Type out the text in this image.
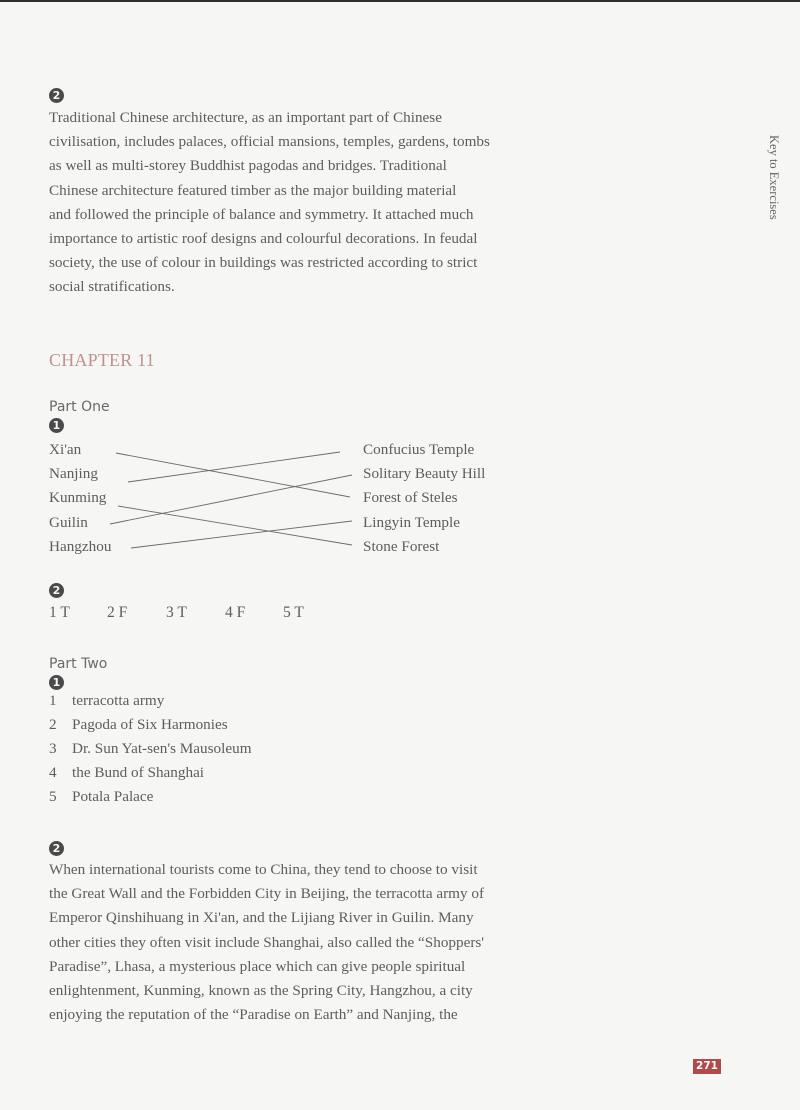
Key to Exercises
2
Traditional Chinese architecture, as an important part of Chinese
civilisation, includes palaces, official mansions, temples, gardens, tombs
as well as multi-storey Buddhist pagodas and bridges. Traditional
Chinese architecture featured timber as the major building material
and followed the principle of balance and symmetry. It attached much
importance to artistic roof designs and colourful decorations. In feudal
society, the use of colour in buildings was restricted according to strict
social stratifications.
CHAPTER 11
Part One
1
Xi'an
Nanjing
Kunming
Guilin
Hangzhou
Confucius Temple
Solitary Beauty Hill
Forest of Steles
Lingyin Temple
Stone Forest
2
1 T 2 F	3 T 4 F 5 T
Part Two
1
1 terracotta army
2 Pagoda of Six Harmonies
3 Dr. Sun Yat-sen's Mausoleum
4 the Bund of Shanghai
5 Potala Palace
2
When international tourists come to China, they tend to choose to visit
the Great Wall and the Forbidden City in Beijing, the terracotta army of
Emperor Qinshihuang in Xi'an, and the Lijiang River in Guilin. Many
other cities they often visit include Shanghai, also called the “Shoppers'
Paradise”, Lhasa, a mysterious place which can give people spiritual
enlightenment, Kunming, known as the Spring City, Hangzhou, a city
enjoying the reputation of the “Paradise on Earth” and Nanjing, the
271
